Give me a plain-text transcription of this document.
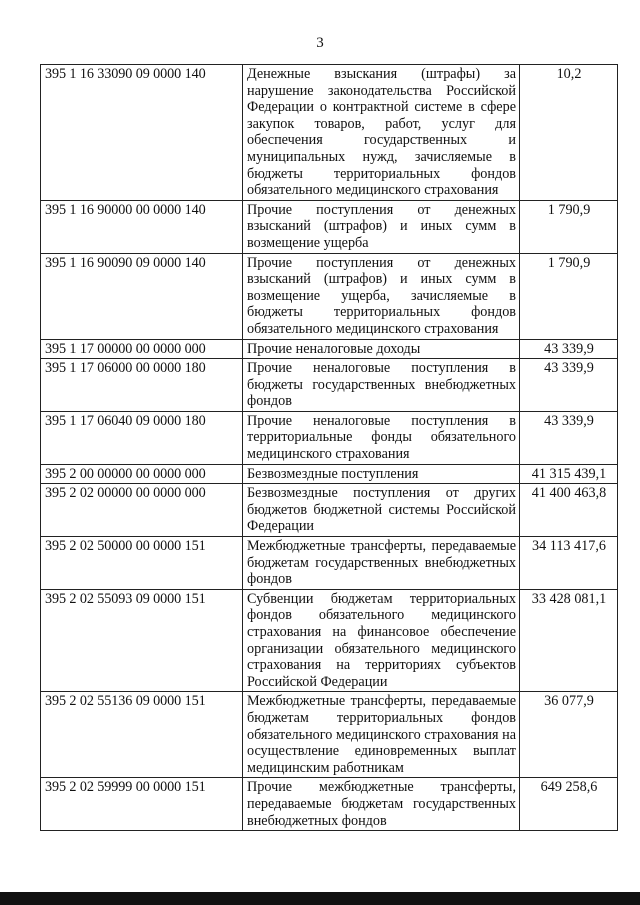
3
395 1 16 33090 09 0000 140	Денежные взыскания (штрафы) за нарушение законодательства Российской Федерации о контрактной системе в сфере закупок товаров, работ, услуг для обеспечения государственных и муниципальных нужд, зачисляемые в бюджеты территориальных фондов обязательного медицинского страхования	10,2
395 1 16 90000 00 0000 140	Прочие поступления от денежных взысканий (штрафов) и иных сумм в возмещение ущерба	1 790,9
395 1 16 90090 09 0000 140	Прочие поступления от денежных взысканий (штрафов) и иных сумм в возмещение ущерба, зачисляемые в бюджеты территориальных фондов обязательного медицинского страхования	1 790,9
395 1 17 00000 00 0000 000	Прочие неналоговые доходы	43 339,9
395 1 17 06000 00 0000 180	Прочие неналоговые поступления в бюджеты государственных внебюджетных фондов	43 339,9
395 1 17 06040 09 0000 180	Прочие неналоговые поступления в территориальные фонды обязательного медицинского страхования	43 339,9
395 2 00 00000 00 0000 000	Безвозмездные поступления	41 315 439,1
395 2 02 00000 00 0000 000	Безвозмездные поступления от других бюджетов бюджетной системы Российской Федерации	41 400 463,8
395 2 02 50000 00 0000 151	Межбюджетные трансферты, передаваемые бюджетам государственных внебюджетных фондов	34 113 417,6
395 2 02 55093 09 0000 151	Субвенции бюджетам территориальных фондов обязательного медицинского страхования на финансовое обеспечение организации обязательного медицинского страхования на территориях субъектов Российской Федерации	33 428 081,1
395 2 02 55136 09 0000 151	Межбюджетные трансферты, передаваемые бюджетам территориальных фондов обязательного медицинского страхования на осуществление единовременных выплат медицинским работникам	36 077,9
395 2 02 59999 00 0000 151	Прочие межбюджетные трансферты, передаваемые бюджетам государственных внебюджетных фондов	649 258,6
